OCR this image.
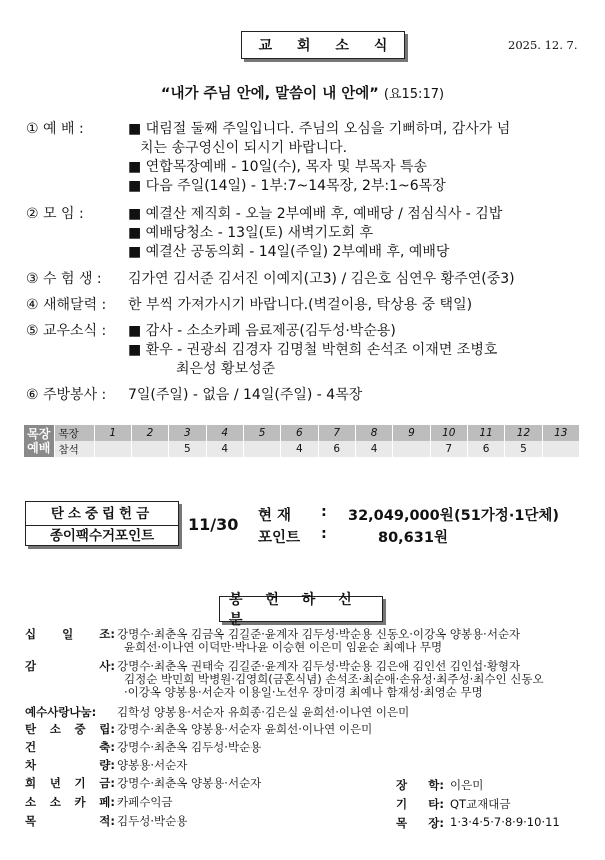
교 회 소 식	2025. 12. 7.
“내가 주님 안에, 말씀이 내 안에” (요15:17)
① 예 배 :	■ 대림절 둘째 주일입니다. 주님의 오심을 기뻐하며, 감사가 넘
치는 송구영신이 되시기 바랍니다.
■ 연합목장예배 - 10일(수), 목자 및 부목자 특송
■ 다음 주일(14일) - 1부:7~14목장, 2부:1~6목장
② 모 임 :	■ 예결산 제직회 - 오늘 2부예배 후, 예배당 / 점심식사 - 김밥
■ 예배당청소 - 13일(토) 새벽기도회 후
■ 예결산 공동의회 - 14일(주일) 2부예배 후, 예배당
③ 수 험 생 : 김가연 김서준 김서진 이예지(고3) / 김은호 심연우 황주연(중3)
④ 새해달력 : 한 부씩 가져가시기 바랍니다.(벽걸이용, 탁상용 중 택일)
⑤ 교우소식 : ■ 감사 - 소소카페 음료제공(김두성·박순용)
■ 환우 - 권광쇠 김경자 김명철 박현희 손석조 이재면 조병호
최은성 황보성준
⑥ 주방봉사 : 7일(주일) - 없음 / 14일(주일) - 4목장
목장
예배	목장	1	2	3	4	5	6	7	8	9	10	11	12	13
	참석			5	4		4	6	4		7	6	5	
탄소중립헌금
종이팩수거포인트
11/30 현 재 : 32,049,000원 (51가정·1단체)
포인트 :	80,631원
봉 헌 하 신 분
십 일 조: 강명수·최춘옥 김금옥 김길준·윤계자 김두성·박순용 신동오·이강옥 양봉용·서순자
윤희선·이나연 이덕만·박나윤 이승현 이은미 임윤순 최예나 무명
감	사: 강명수·최춘옥 권태숙 김길준·윤계자 김두성·박순용 김은애 김인선 김인섭·황형자
김정순 박민희 박병원·김영희(금혼식념) 손석조·최순애·손유성·최주성·최수인 신동오
·이강옥 양봉용·서순자 이용일·노선우 장미경 최예나 함재성·최영순 무명
예수사랑나눔: 김학성 양봉용·서순자 유희종·김은실 윤희선·이나연 이은미
탄 소 중 립: 강명수·최춘옥 양봉용·서순자 윤희선·이나연 이은미
건	축: 강명수·최춘옥 김두성·박순용
차	량: 양봉용·서순자
희 년 기 금: 강명수·최춘옥 양봉용·서순자
소 소 카 페: 카페수익금
목	적: 김두성·박순용
장 학: 이은미
기 타: QT교재대금
목 장: 1·3·4·5·7·8·9·10·11
